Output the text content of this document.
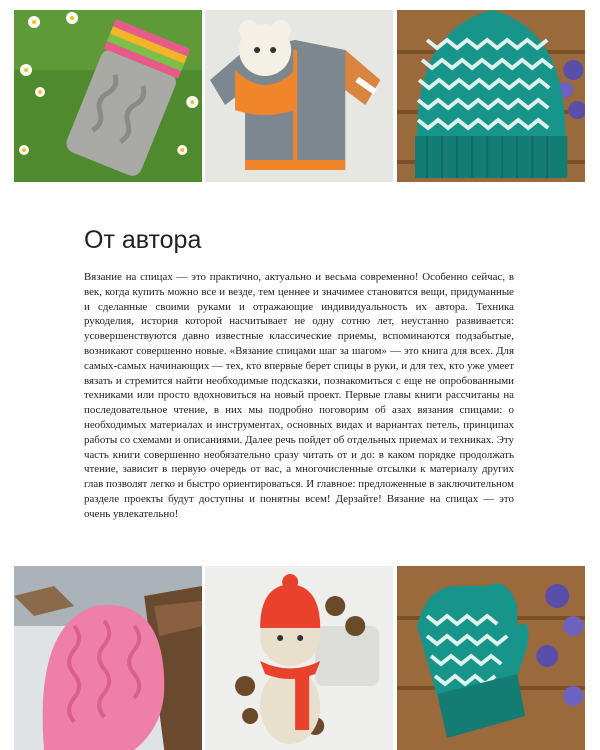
От автора

Вязание на спицах — это практично, актуально и весьма современно! Особенно сейчас, в век, когда купить можно все и везде, тем ценнее и значимее становятся вещи, придуманные и сделанные своими руками и отражающие индивидуальность их автора. Техника рукоделия, история которой насчитывает не одну сотню лет, неустанно развивается: усовершенствуются давно известные классические приемы, вспоминаются подзабытые, возникают совершенно новые. «Вязание спицами шаг за шагом» — это книга для всех. Для самых-самых начинающих — тех, кто впервые берет спицы в руки, и для тех, кто уже умеет вязать и стремится найти необходимые подсказки, познакомиться с еще не опробованными техниками или просто вдохновиться на новый проект. Первые главы книги рассчитаны на последовательное чтение, в них мы подробно поговорим об азах вязания спицами: о необходимых материалах и инструментах, основных видах и вариантах петель, принципах работы со схемами и описаниями. Далее речь пойдет об отдельных приемах и техниках. Эту часть книги совершенно необязательно сразу читать от и до: в каком порядке продолжать чтение, зависит в первую очередь от вас, а многочисленные отсылки к материалу других глав позволят легко и быстро ориентироваться. И главное: предложенные в заключительном разделе проекты будут доступны и понятны всем! Дерзайте! Вязание на спицах — это очень увлекательно!
